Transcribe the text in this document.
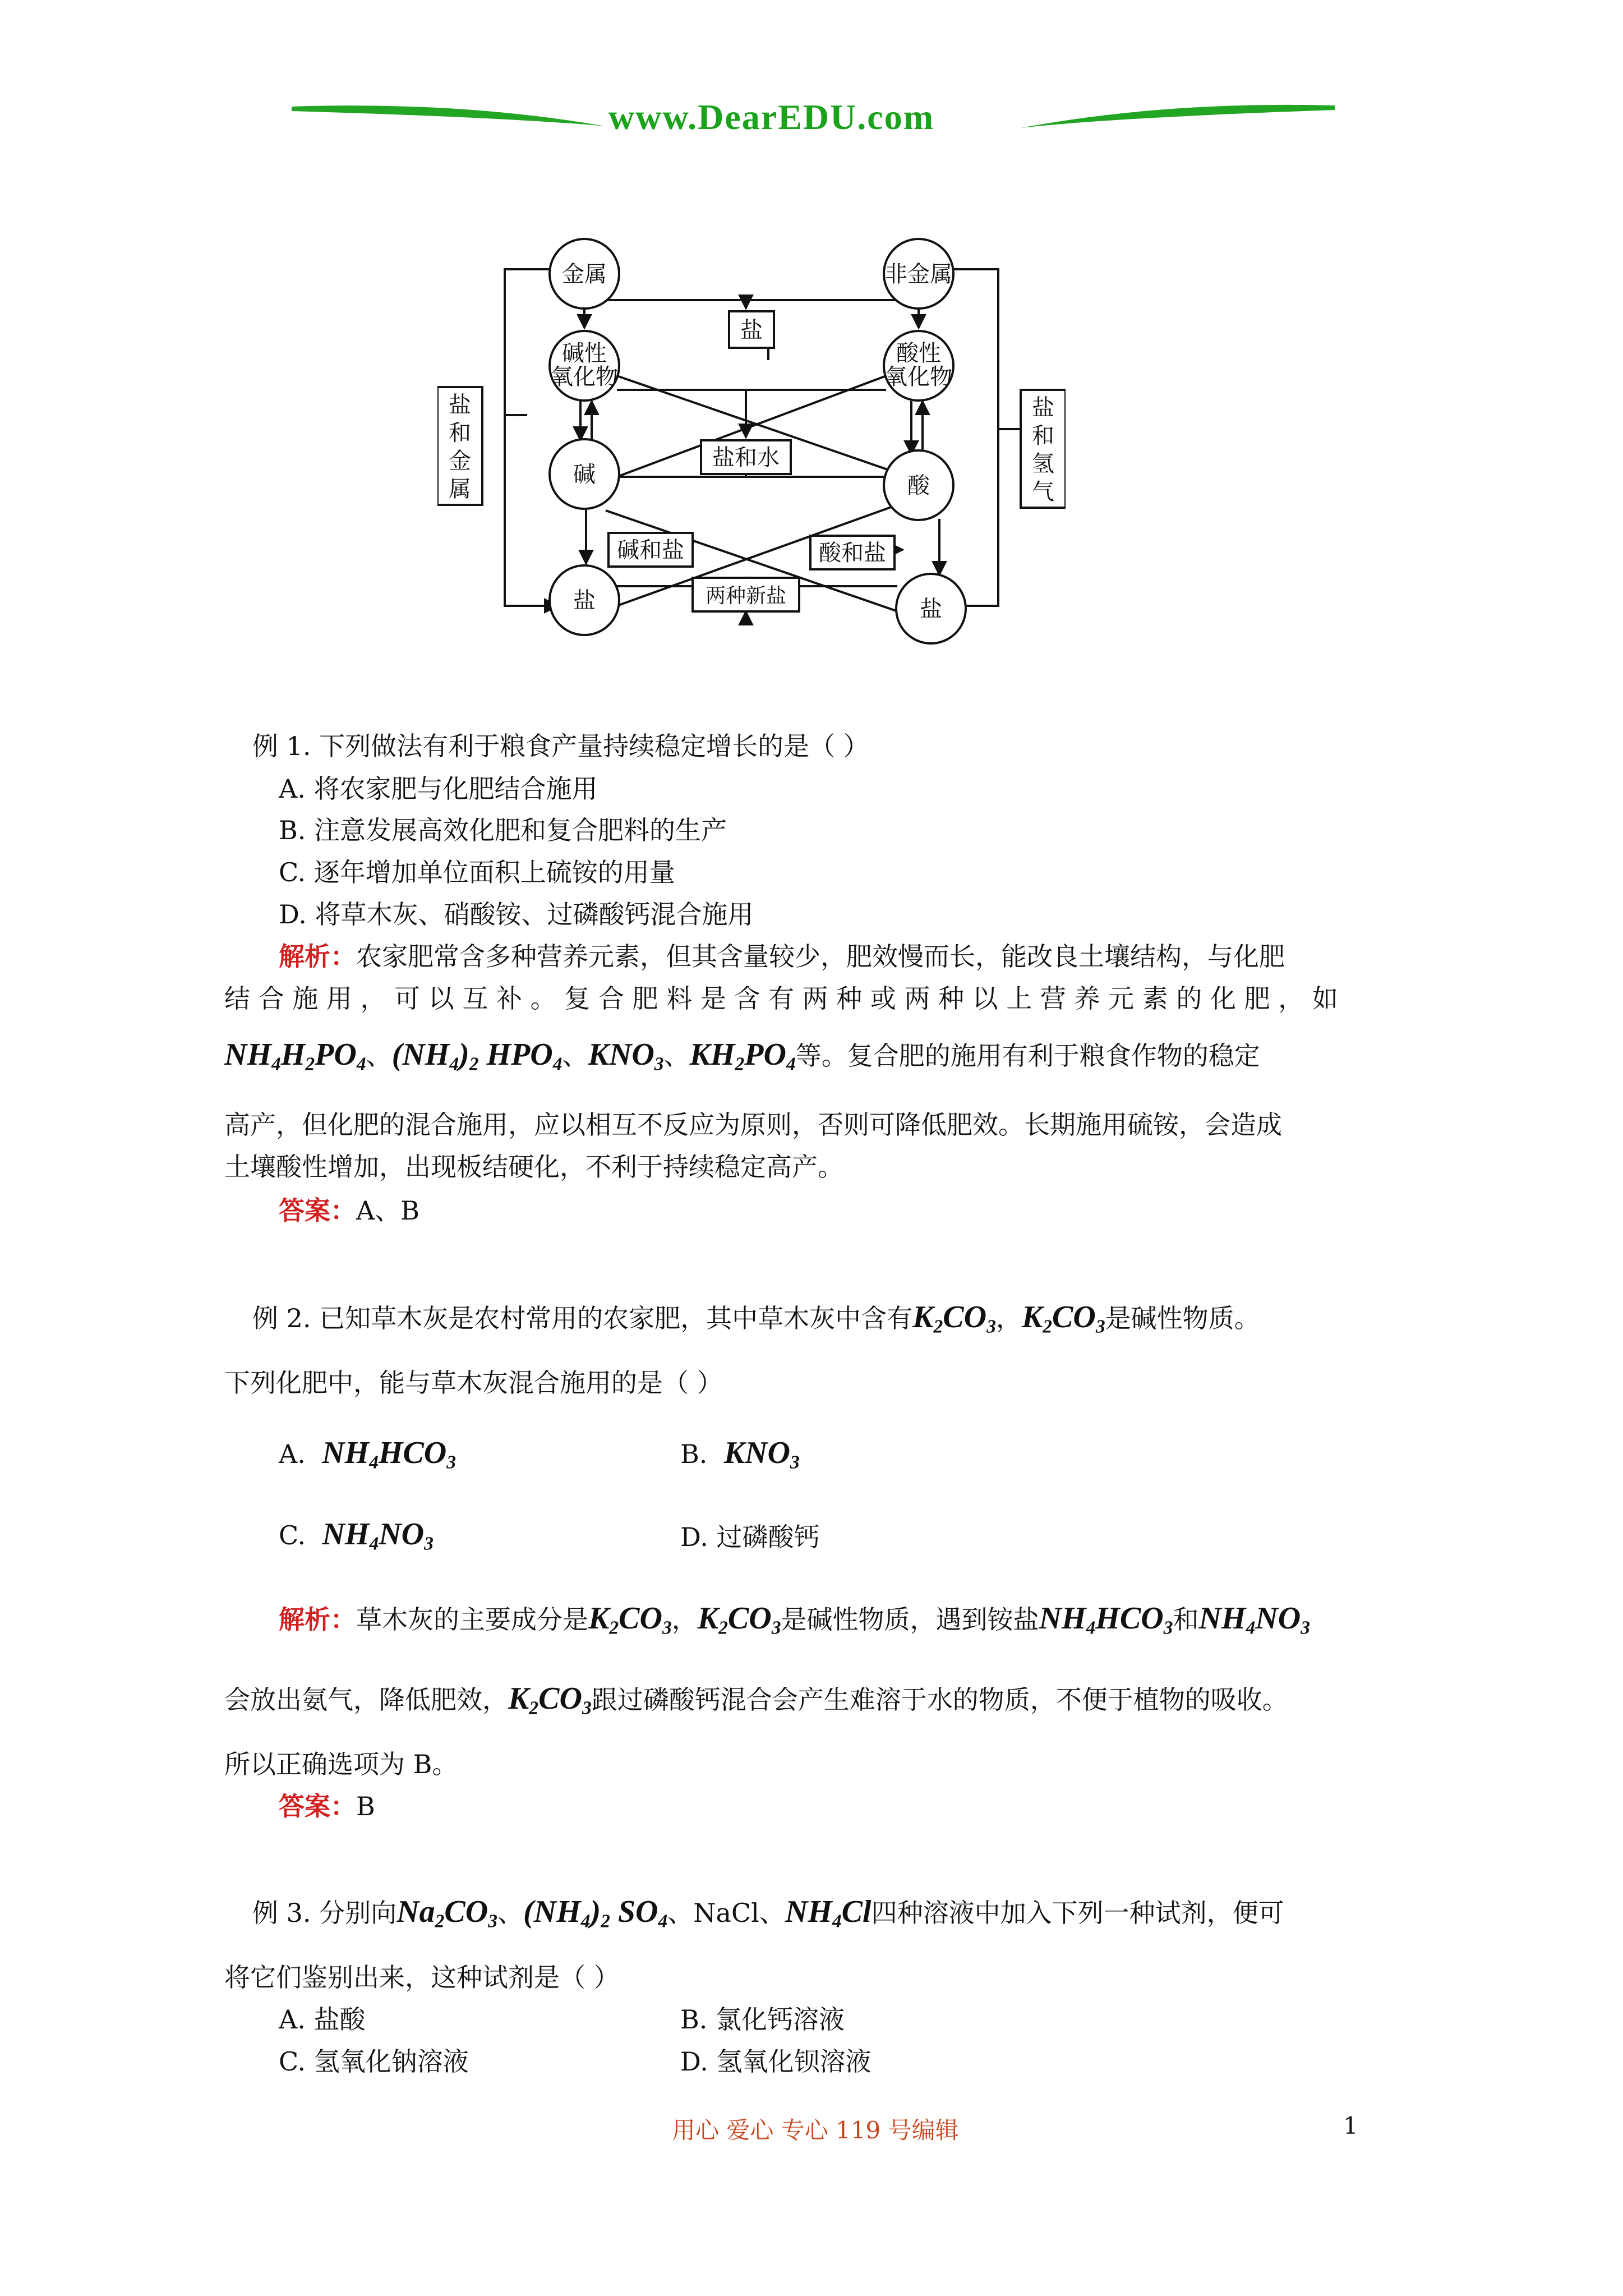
www.DearEDU.com
金属	非金属
碱性
氧化物
酸性
氧化物
碱	酸
盐	盐
盐
盐和水
碱和盐	酸和盐
两种新盐
盐
和
金
属
盐
和
氢
气
例 1. 下列做法有利于粮食产量持续稳定增长的是（ ）
A. 将农家肥与化肥结合施用
B. 注意发展高效化肥和复合肥料的生产
C. 逐年增加单位面积上硫铵的用量
D. 将草木灰、硝酸铵、过磷酸钙混合施用
解析：农家肥常含多种营养元素，但其含量较少，肥效慢而长，能改良土壤结构，与化肥
结 合 施 用 ， 可 以 互 补 。 复 合 肥 料 是 含 有 两 种 或 两 种 以 上 营 养 元 素 的 化 肥 ， 如
$NH_4H_2PO_4$、$(NH_4)_2$ $HPO_4$、$KNO_3$、$KH_2PO_4$等。复合肥的施用有利于粮食作物的稳定
高产，但化肥的混合施用，应以相互不反应为原则，否则可降低肥效。长期施用硫铵，会造成
土壤酸性增加，出现板结硬化，不利于持续稳定高产。
答案：A、B
例 2. 已知草木灰是农村常用的农家肥，其中草木灰中含有$K_2CO_3$，$K_2CO_3$是碱性物质。
下列化肥中，能与草木灰混合施用的是（ ）
A. $NH_4HCO_3$	B. $KNO_3$
C. $NH_4NO_3$	D. 过磷酸钙
解析：草木灰的主要成分是$K_2CO_3$，$K_2CO_3$是碱性物质，遇到铵盐$NH_4HCO_3$和$NH_4NO_3$
会放出氨气，降低肥效，$K_2CO_3$跟过磷酸钙混合会产生难溶于水的物质，不便于植物的吸收。
所以正确选项为 B。
答案：B
例 3. 分别向$Na_2CO_3$、$(NH_4)_2$ $SO_4$、NaCl、$NH_4Cl$四种溶液中加入下列一种试剂，便可
将它们鉴别出来，这种试剂是（ ）
A. 盐酸	B. 氯化钙溶液
C. 氢氧化钠溶液	D. 氢氧化钡溶液
用心 爱心 专心 119 号编辑	1
